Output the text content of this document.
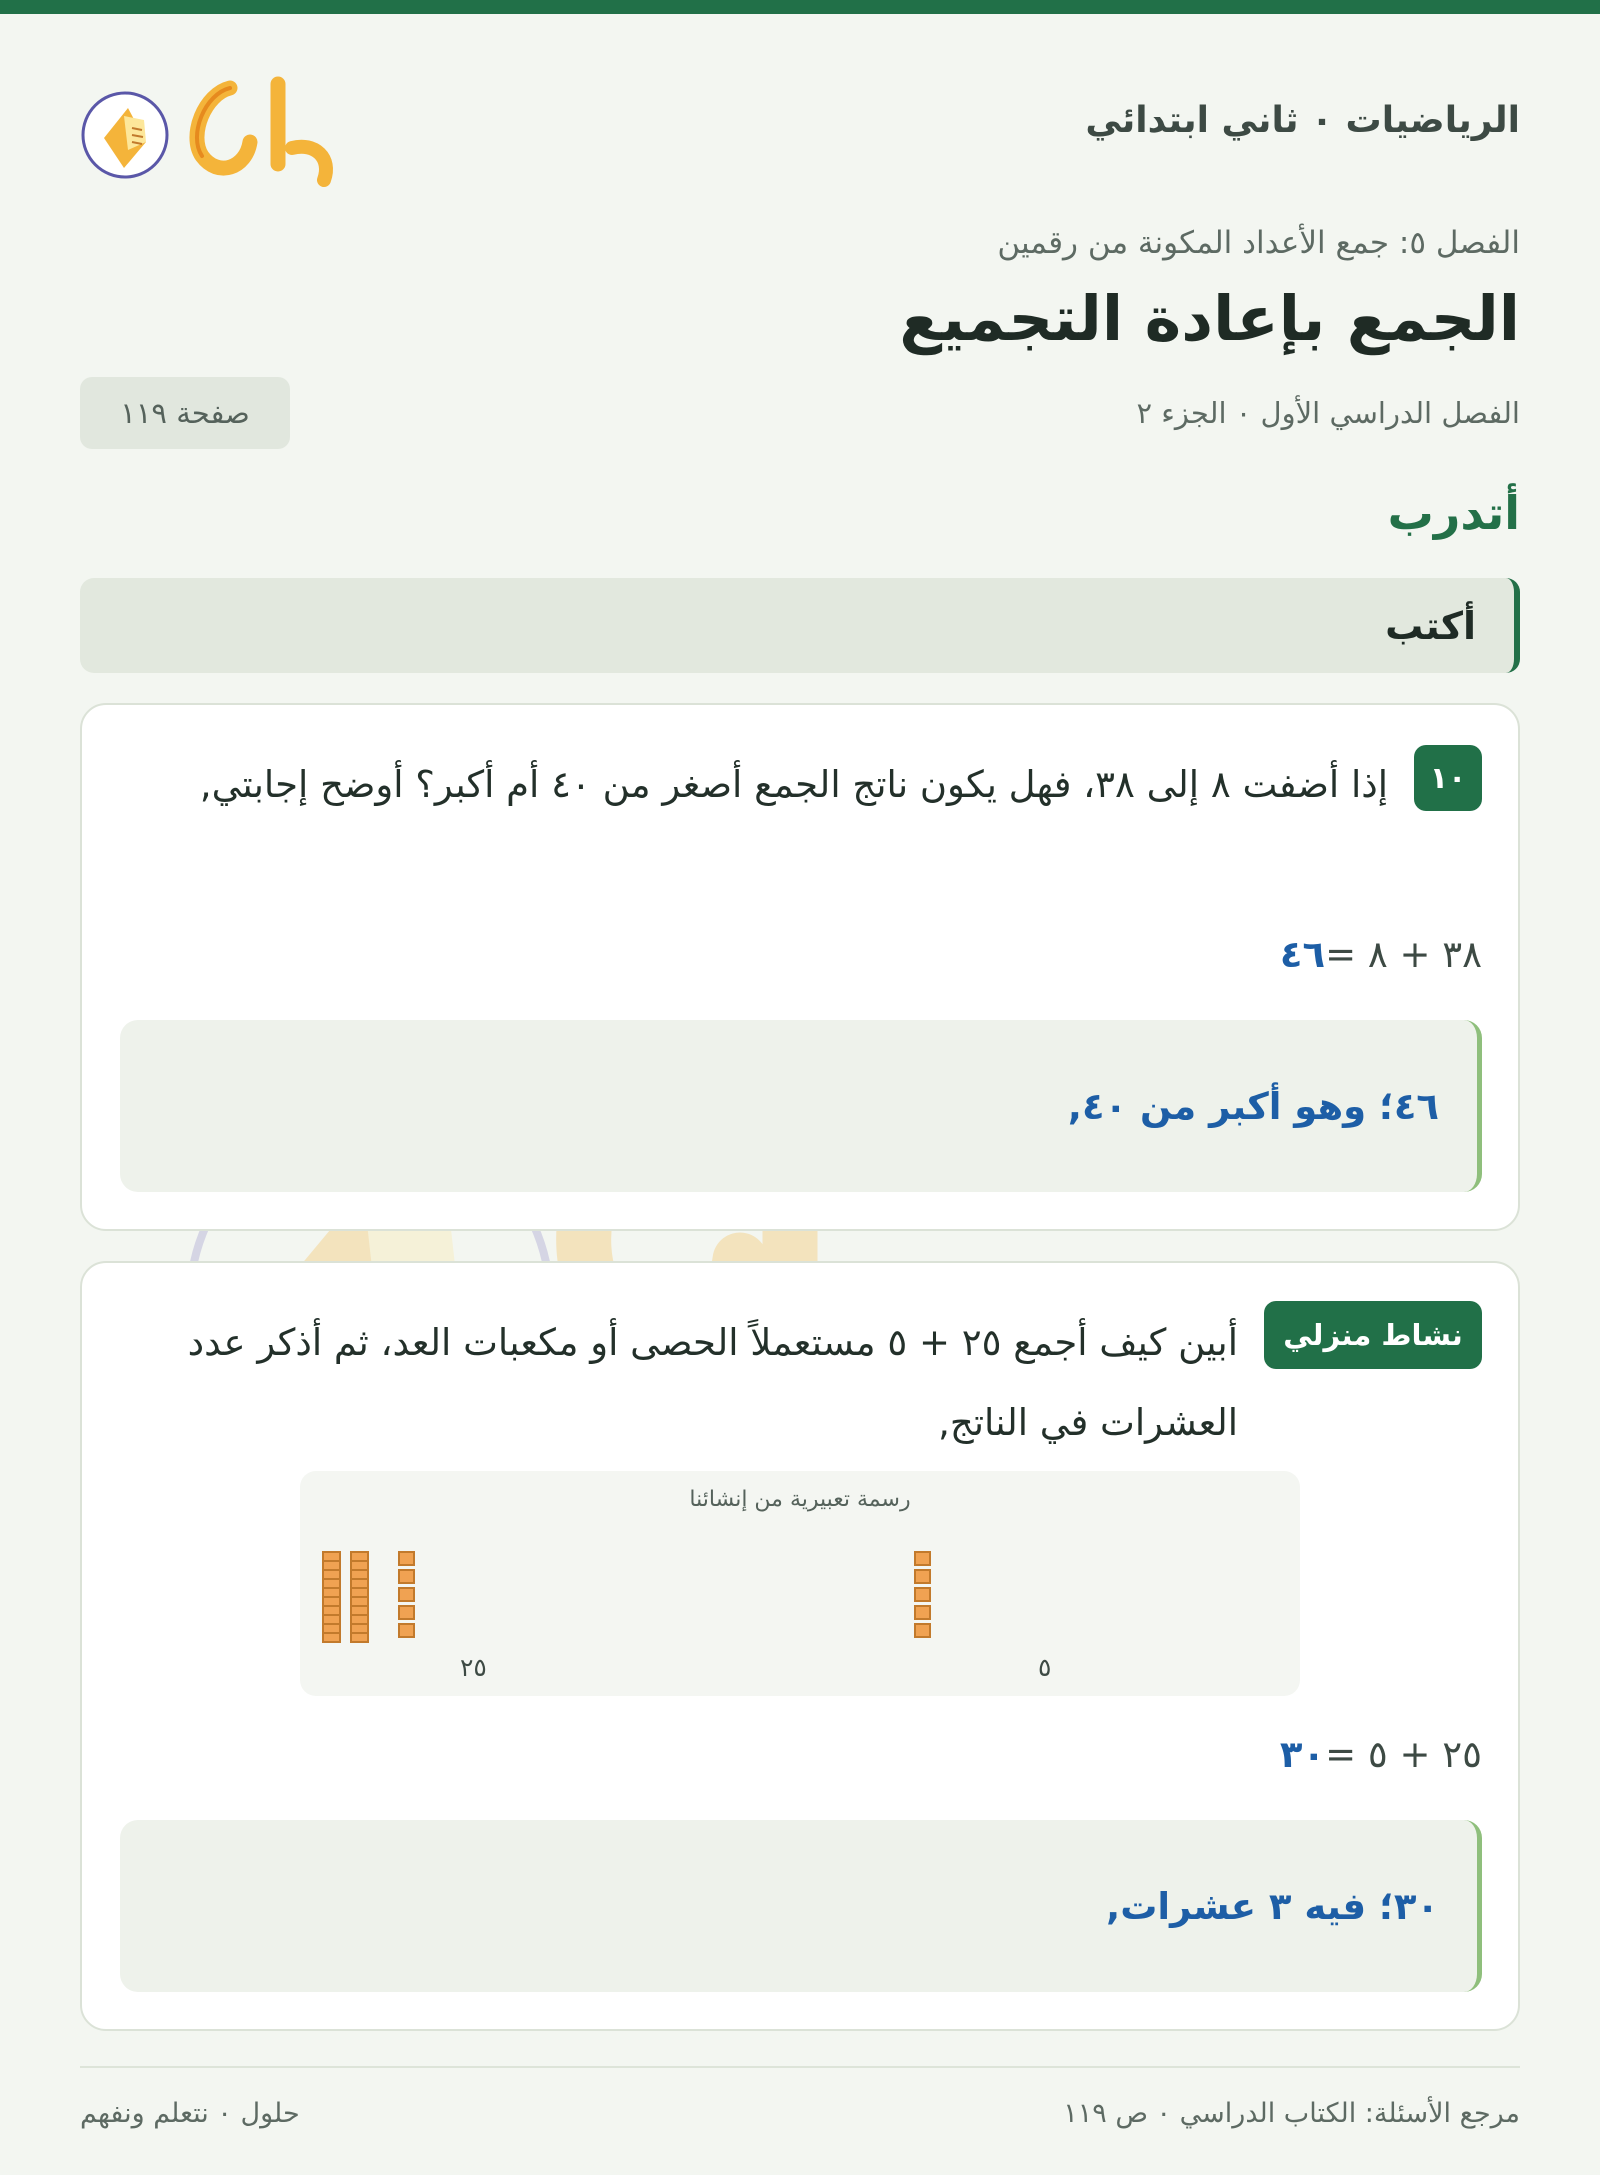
الرياضيات ٠ ثاني ابتدائي
الفصل ٥: جمع الأعداد المكونة من رقمين
الجمع بإعادة التجميع
الفصل الدراسي الأول ٠ الجزء ٢
صفحة ١١٩
أتدرب
أكتب
١٠
إذا أضفت ٨ إلى ٣٨، فهل يكون ناتج الجمع أصغر من ٤٠ أم أكبر؟ أوضح إجابتي,
٣٨ + ٨ =٤٦
٤٦؛ وهو أكبر من ٤٠,
نشاط منزلي
أبين كيف أجمع ٢٥ + ٥ مستعملاً الحصى أو مكعبات العد، ثم أذكر عدد العشرات في الناتج,
رسمة تعبيرية من إنشائنا
٢٥	٥
٢٥ + ٥ =٣٠
٣٠؛ فيه ٣ عشرات,
مرجع الأسئلة: الكتاب الدراسي ٠ ص ١١٩
حلول ٠ نتعلم ونفهم
